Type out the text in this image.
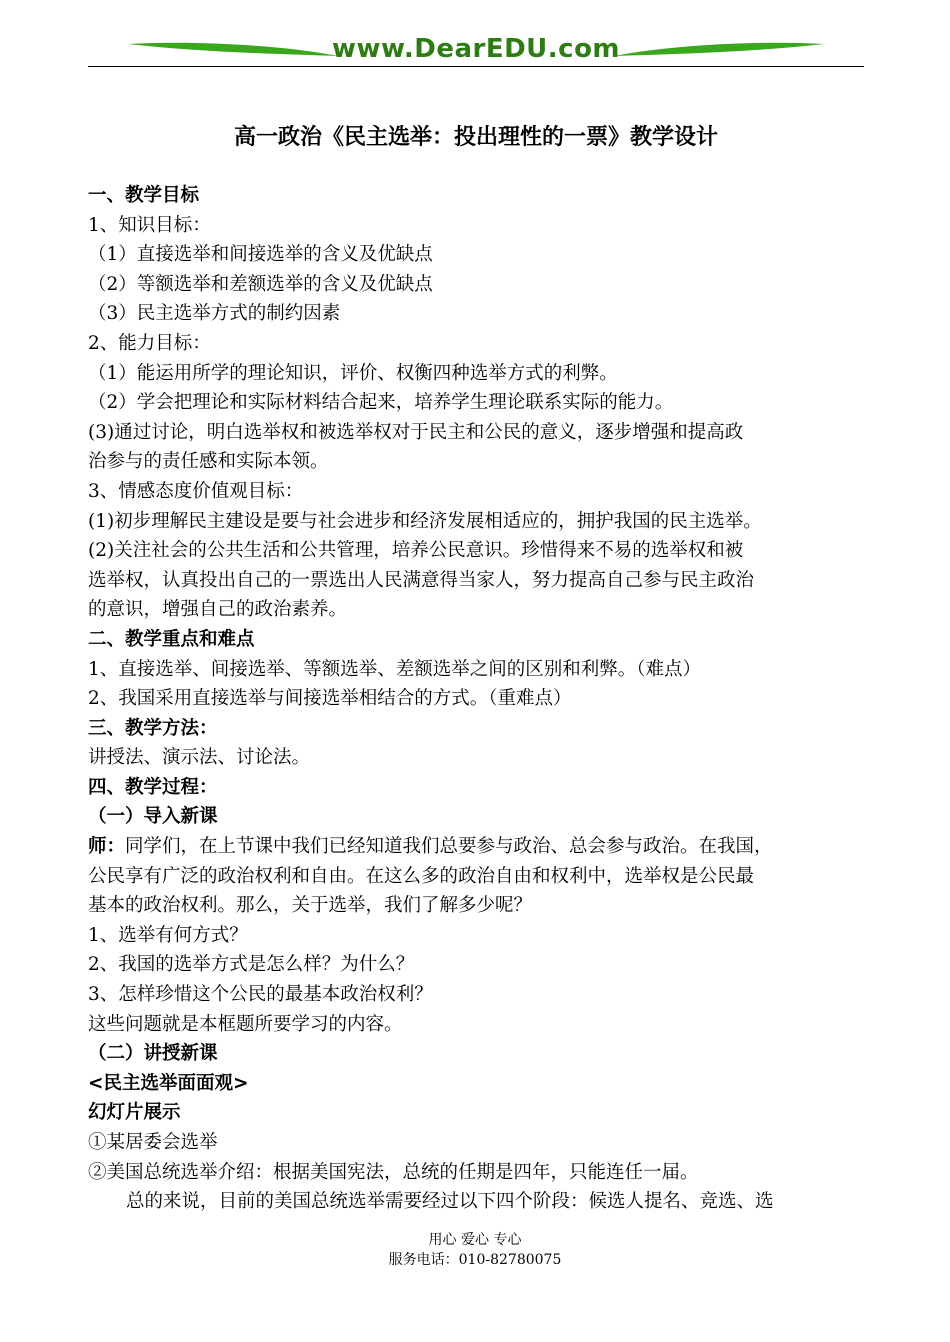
www.DearEDU.com
高一政治《民主选举：投出理性的一票》教学设计

一、教学目标

1、知识目标：

（1）直接选举和间接选举的含义及优缺点

（2）等额选举和差额选举的含义及优缺点

（3）民主选举方式的制约因素

2、能力目标：

（1）能运用所学的理论知识，评价、权衡四种选举方式的利弊。

（2）学会把理论和实际材料结合起来，培养学生理论联系实际的能力。

(3)通过讨论，明白选举权和被选举权对于民主和公民的意义，逐步增强和提高政

治参与的责任感和实际本领。

3、情感态度价值观目标：

(1)初步理解民主建设是要与社会进步和经济发展相适应的，拥护我国的民主选举。

(2)关注社会的公共生活和公共管理，培养公民意识。珍惜得来不易的选举权和被

选举权，认真投出自己的一票选出人民满意得当家人，努力提高自己参与民主政治

的意识，增强自己的政治素养。

二、教学重点和难点

1、直接选举、间接选举、等额选举、差额选举之间的区别和利弊。（难点）

2、我国采用直接选举与间接选举相结合的方式。（重难点）

三、教学方法：

讲授法、演示法、讨论法。

四、教学过程：

（一）导入新课

师：同学们，在上节课中我们已经知道我们总要参与政治、总会参与政治。在我国，

公民享有广泛的政治权利和自由。在这么多的政治自由和权利中，选举权是公民最

基本的政治权利。那么，关于选举，我们了解多少呢？

1、选举有何方式？

2、我国的选举方式是怎么样？为什么？

3、怎样珍惜这个公民的最基本政治权利？

这些问题就是本框题所要学习的内容。

（二）讲授新课

<民主选举面面观>

幻灯片展示

①某居委会选举

②美国总统选举介绍：根据美国宪法，总统的任期是四年，只能连任一届。

总的来说，目前的美国总统选举需要经过以下四个阶段：候选人提名、竞选、选

用心 爱心 专心
服务电话：010-82780075
